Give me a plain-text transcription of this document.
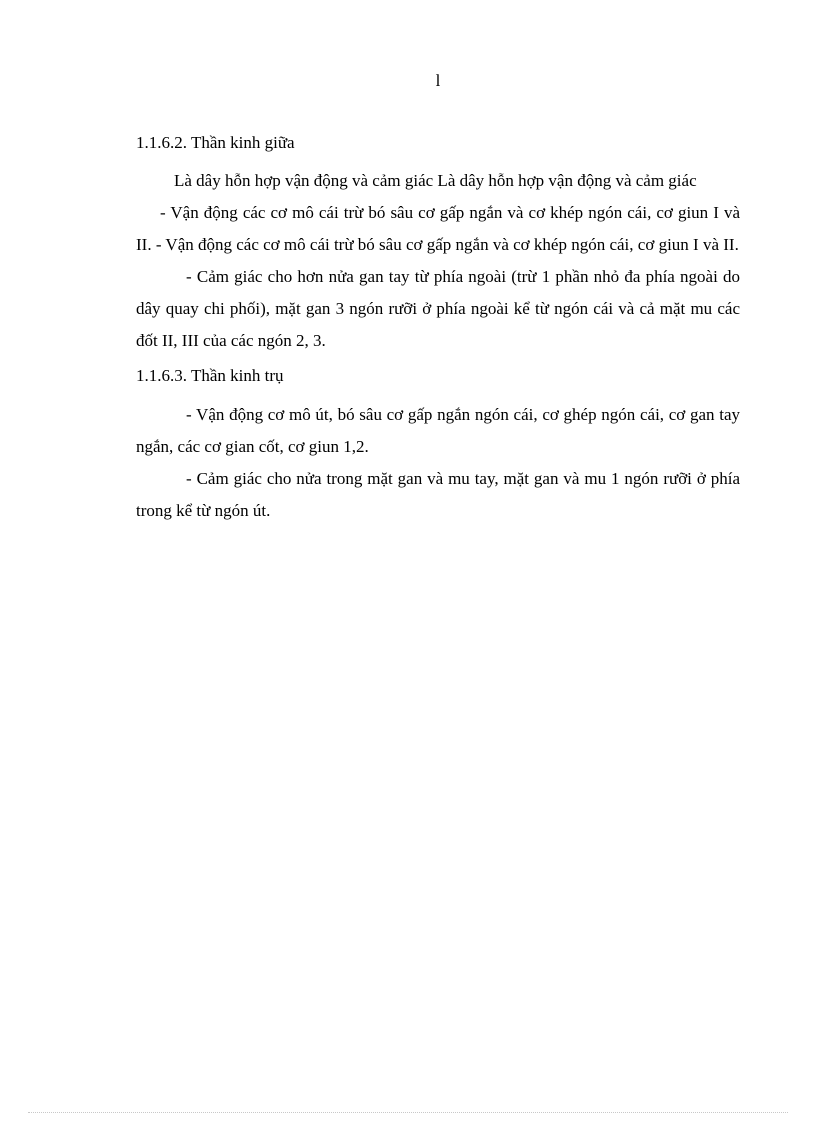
l
1.1.6.2. Thần kinh giữa

Là dây hỗn hợp vận động và cảm giác Là dây hỗn hợp vận động và cảm giác

- Vận động các cơ mô cái trừ bó sâu cơ gấp ngắn và cơ khép ngón cái, cơ giun I và II. - Vận động các cơ mô cái trừ bó sâu cơ gấp ngắn và cơ khép ngón cái, cơ giun I và II.

- Cảm giác cho hơn nửa gan tay từ phía ngoài (trừ 1 phần nhỏ đa phía ngoài do dây quay chi phối), mặt gan 3 ngón rưỡi ở phía ngoài kể từ ngón cái và cả mặt mu các đốt II, III của các ngón 2, 3.

1.1.6.3. Thần kinh trụ

- Vận động cơ mô út, bó sâu cơ gấp ngắn ngón cái, cơ ghép ngón cái, cơ gan tay ngắn, các cơ gian cốt, cơ giun 1,2.

- Cảm giác cho nửa trong mặt gan và mu tay, mặt gan và mu 1 ngón rưỡi ở phía trong kể từ ngón út.
